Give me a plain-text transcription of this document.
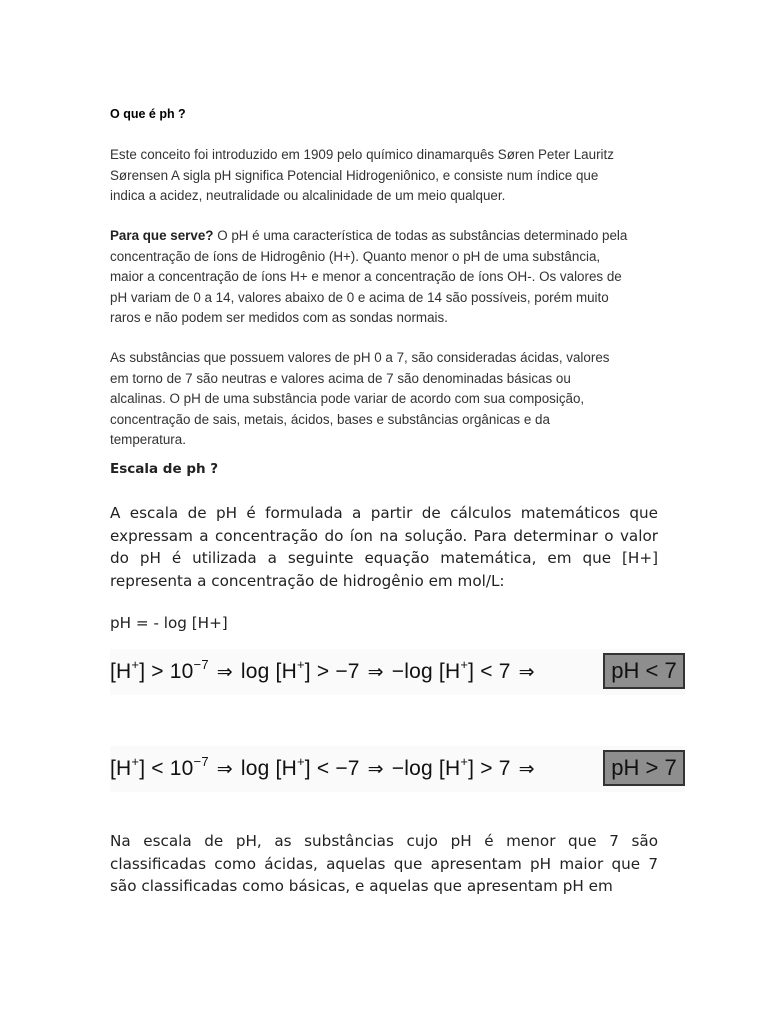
O que é ph ?

Este conceito foi introduzido em 1909 pelo químico dinamarquês Søren Peter Lauritz
Sørensen A sigla pH significa Potencial Hidrogeniônico, e consiste num índice que
indica a acidez, neutralidade ou alcalinidade de um meio qualquer.

Para que serve? O pH é uma característica de todas as substâncias determinado pela
concentração de íons de Hidrogênio (H+). Quanto menor o pH de uma substância,
maior a concentração de íons H+ e menor a concentração de íons OH-. Os valores de
pH variam de 0 a 14, valores abaixo de 0 e acima de 14 são possíveis, porém muito
raros e não podem ser medidos com as sondas normais.

As substâncias que possuem valores de pH 0 a 7, são consideradas ácidas, valores
em torno de 7 são neutras e valores acima de 7 são denominadas básicas ou
alcalinas. O pH de uma substância pode variar de acordo com sua composição,
concentração de sais, metais, ácidos, bases e substâncias orgânicas e da
temperatura.

Escala de ph ?

A escala de pH é formulada a partir de cálculos matemáticos que expressam a concentração do íon na solução. Para determinar o valor do pH é utilizada a seguinte equação matemática, em que [H+] representa a concentração de hidrogênio em mol/L:

pH = - log [H+]

$[H^+] > 10^{-7}$ ⇒ log [H+] > −7 ⇒ −log [H+] < 7 ⇒	pH < 7
$[H^+] < 10^{-7}$ ⇒ log [H+] < −7 ⇒ −log [H+] > 7 ⇒	pH > 7

Na escala de pH, as substâncias cujo pH é menor que 7 são classificadas como ácidas, aquelas que apresentam pH maior que 7 são classificadas como básicas, e aquelas que apresentam pH em
